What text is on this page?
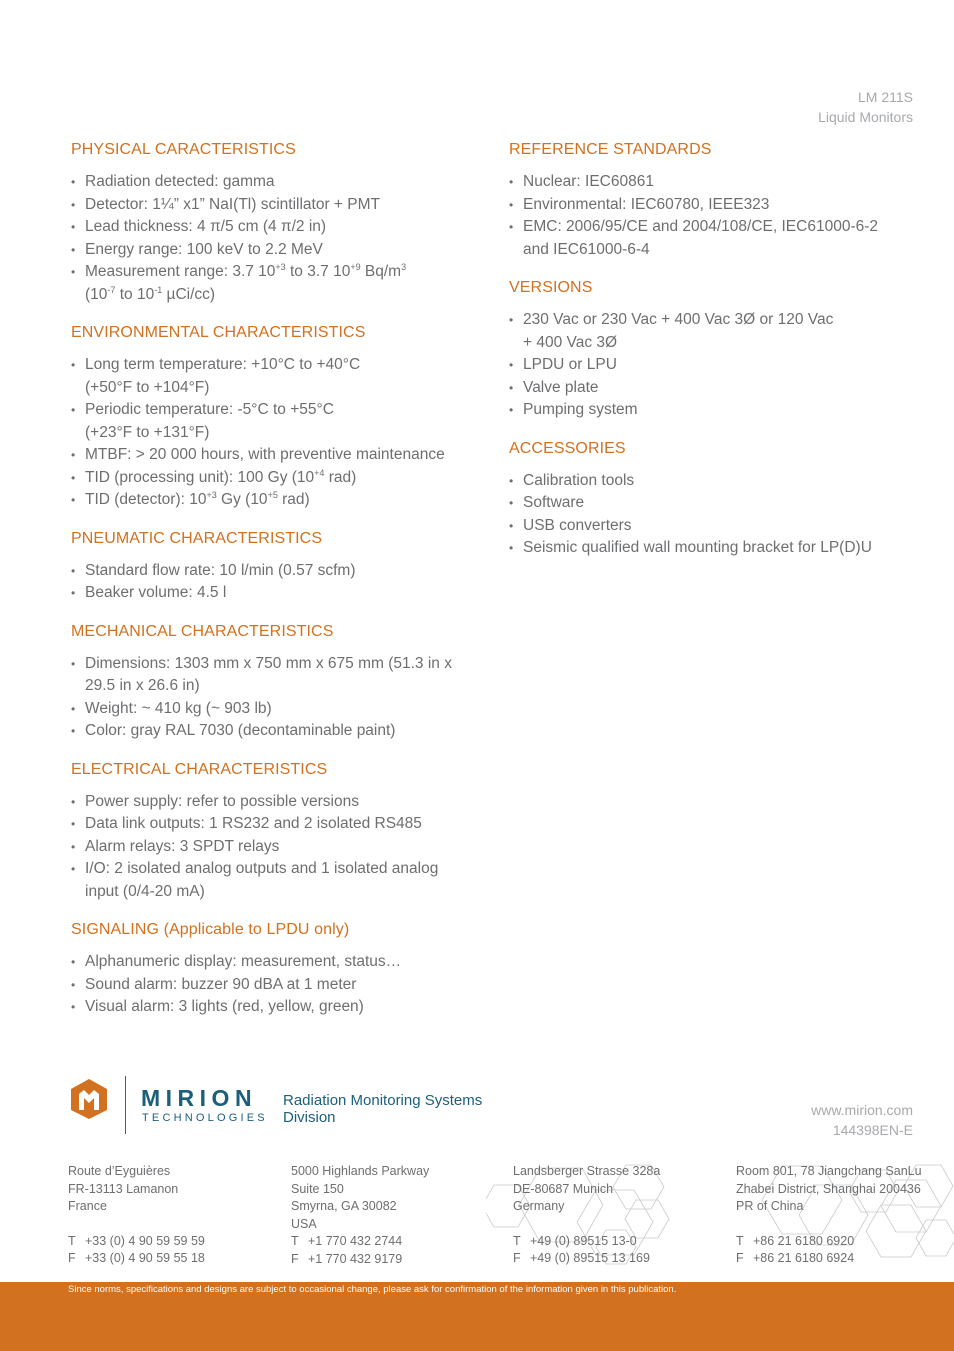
LM 211S
Liquid Monitors
PHYSICAL CARACTERISTICS
• Radiation detected: gamma
• Detector: 1¼” x1” NaI(Tl) scintillator + PMT
• Lead thickness: 4 π/5 cm (4 π/2 in)
• Energy range: 100 keV to 2.2 MeV
• Measurement range: 3.7 $10^{+3}$ to 3.7 $10^{+9}$ $Bq/m^3$
($10^{-7}$ to $10^{-1}$ µCi/cc)
ENVIRONMENTAL CHARACTERISTICS
• Long term temperature: +10°C to +40°C
(+50°F to +104°F)
• Periodic temperature: -5°C to +55°C
(+23°F to +131°F)
• MTBF: > 20 000 hours, with preventive maintenance
• TID (processing unit): 100 Gy ($10^{+4}$ rad)
• TID (detector): $10^{+3}$ Gy ($10^{+5}$ rad)
PNEUMATIC CHARACTERISTICS
• Standard flow rate: 10 l/min (0.57 scfm)
• Beaker volume: 4.5 l
MECHANICAL CHARACTERISTICS
• Dimensions: 1303 mm x 750 mm x 675 mm (51.3 in x
29.5 in x 26.6 in)
• Weight: ~ 410 kg (~ 903 lb)
• Color: gray RAL 7030 (decontaminable paint)
ELECTRICAL CHARACTERISTICS
• Power supply: refer to possible versions
• Data link outputs: 1 RS232 and 2 isolated RS485
• Alarm relays: 3 SPDT relays
• I/O: 2 isolated analog outputs and 1 isolated analog
input (0/4-20 mA)
SIGNALING (Applicable to LPDU only)
• Alphanumeric display: measurement, status…
• Sound alarm: buzzer 90 dBA at 1 meter
• Visual alarm: 3 lights (red, yellow, green)
REFERENCE STANDARDS
• Nuclear: IEC60861
• Environmental: IEC60780, IEEE323
• EMC: 2006/95/CE and 2004/108/CE, IEC61000-6-2
and IEC61000-6-4
VERSIONS
• 230 Vac or 230 Vac + 400 Vac 3Ø or 120 Vac
+ 400 Vac 3Ø
• LPDU or LPU
• Valve plate
• Pumping system
ACCESSORIES
• Calibration tools
• Software
• USB converters
• Seismic qualified wall mounting bracket for LP(D)U
MIRION
TECHNOLOGIES
Radiation Monitoring Systems
Division	www.mirion.com
144398EN-E
Route d’Eyguières
FR-13113 Lamanon
France
T +33 (0) 4 90 59 59 59
F +33 (0) 4 90 59 55 18
5000 Highlands Parkway
Suite 150
Smyrna, GA 30082
USA
T +1 770 432 2744
F +1 770 432 9179
Landsberger Strasse 328a
DE-80687 Munich
Germany
T +49 (0) 89515 13-0
F +49 (0) 89515 13 169
Room 801, 78 Jiangchang SanLu
Zhabei District, Shanghai 200436
PR of China
T +86 21 6180 6920
F +86 21 6180 6924
Since norms, specifications and designs are subject to occasional change, please ask for confirmation of the information given in this publication.
